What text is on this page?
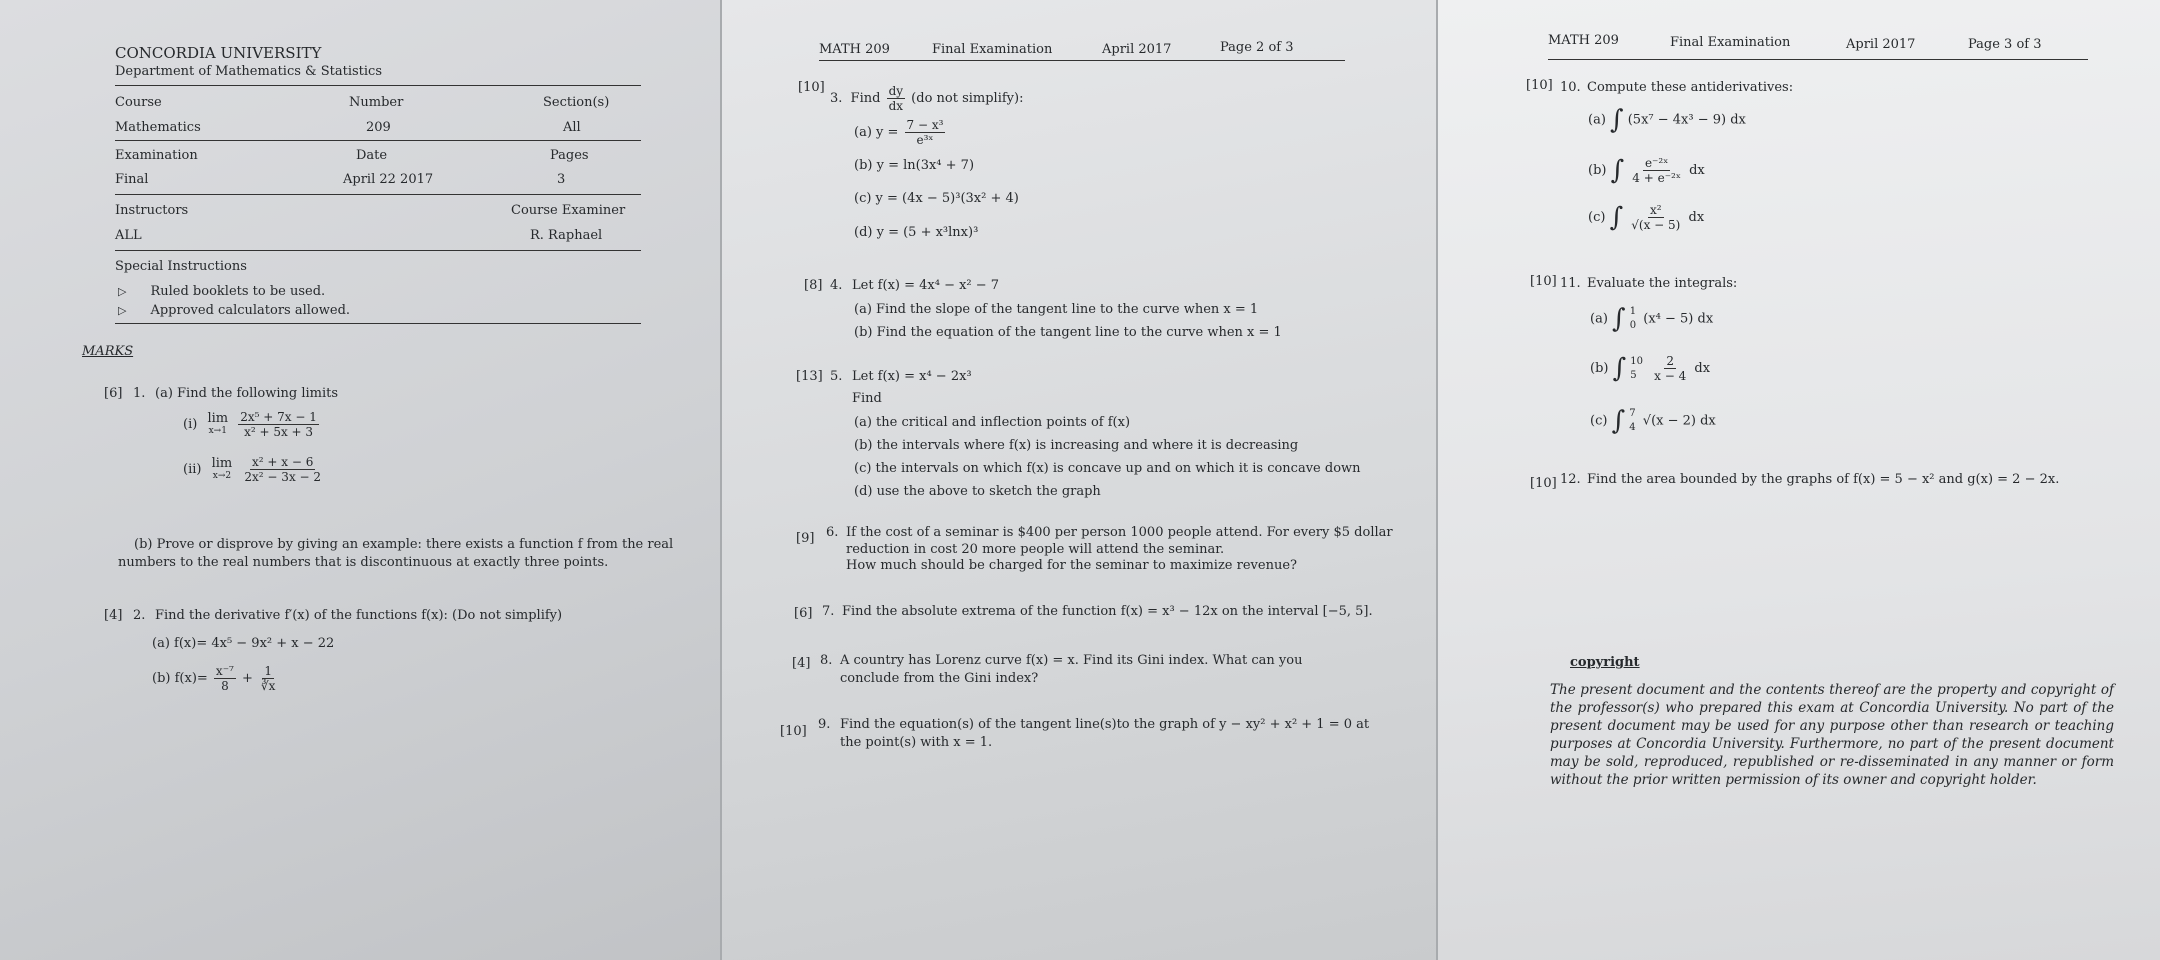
CONCORDIA UNIVERSITY
Department of Mathematics & Statistics
Course	Number	Section(s)
Mathematics	209	All
Examination	Date	Pages
Final	April 22 2017	3
Instructors	Course Examiner
ALL	R. Raphael
Special Instructions
▷ Ruled booklets to be used.
▷ Approved calculators allowed.
MARKS
[6] 1. (a) Find the following limits
(i) lim
x→1
$\frac{\text{2x⁵ + 7x − 1}}{\text{x² + 5x + 3}}$
(ii) lim
x→2
$\frac{\text{x² + x − 6}}{\text{2x² − 3x − 2}}$
(b) Prove or disprove by giving an example: there exists a function f from the real
numbers to the real numbers that is discontinuous at exactly three points.
[4] 2. Find the derivative f′(x) of the functions f(x): (Do not simplify)
(a) f(x)= 4x⁵ − 9x² + x − 22
(b) $f(x)= \frac{\text{x⁻⁷}}{8} + \frac{1}{∛x}$
MATH 209	Final Examination	April 2017	Page 2 of 3
[10]
3. Find $\frac{dy}{dx} (do$ not simplify):
(a) $y = \frac{\text{7 − x³}}{\text{e³ˣ}}$
(b) y = ln(3x⁴ + 7)
(c) y = (4x − 5)³(3x² + 4)
(d) y = (5 + x³lnx)³
[8] 4. Let f(x) = 4x⁴ − x² − 7
(a) Find the slope of the tangent line to the curve when x = 1
(b) Find the equation of the tangent line to the curve when x = 1
[13] 5. Let f(x) = x⁴ − 2x³
Find
(a) the critical and inflection points of f(x)
(b) the intervals where f(x) is increasing and where it is decreasing
(c) the intervals on which f(x) is concave up and on which it is concave down
(d) use the above to sketch the graph
[9] 6. If the cost of a seminar is $400 per person 1000 people attend. For every $5 dollar
reduction in cost 20 more people will attend the seminar.
How much should be charged for the seminar to maximize revenue?
[6] 7. Find the absolute extrema of the function f(x) = x³ − 12x on the interval [−5, 5].
[4] 8. A country has Lorenz curve f(x) = x. Find its Gini index. What can you
conclude from the Gini index?
[10] 9. Find the equation(s) of the tangent line(s)to the graph of y − xy² + x² + 1 = 0 at
the point(s) with x = 1.
MATH 209	Final Examination	April 2017	Page 3 of 3
[10] 10. Compute these antiderivatives:
(a) ∫ (5x⁷ − 4x³ − 9) dx
(b) ∫ $\frac{\text{e⁻²ˣ}}{\text{4 + e⁻²ˣ}}$ dx
(c) ∫ $\frac{\text{x²}}{√(x - 5)}$ dx
[10] 11. Evaluate the integrals:
(a) ∫ 1
0 (x⁴ − 5) dx
(b) ∫ 10
5
	$\frac{2}{x - 4}$ dx
(c) ∫ 7
4 √(x − 2) dx
[10] 12. Find the area bounded by the graphs of f(x) = 5 − x² and g(x) = 2 − 2x.
copyright
The present document and the contents thereof are the property and copyright of the professor(s) who prepared this exam at Concordia University. No part of the present document may be used for any purpose other than research or teaching purposes at Concordia University. Furthermore, no part of the present document may be sold, reproduced, republished or re-disseminated in any manner or form without the prior written permission of its owner and copyright holder.
